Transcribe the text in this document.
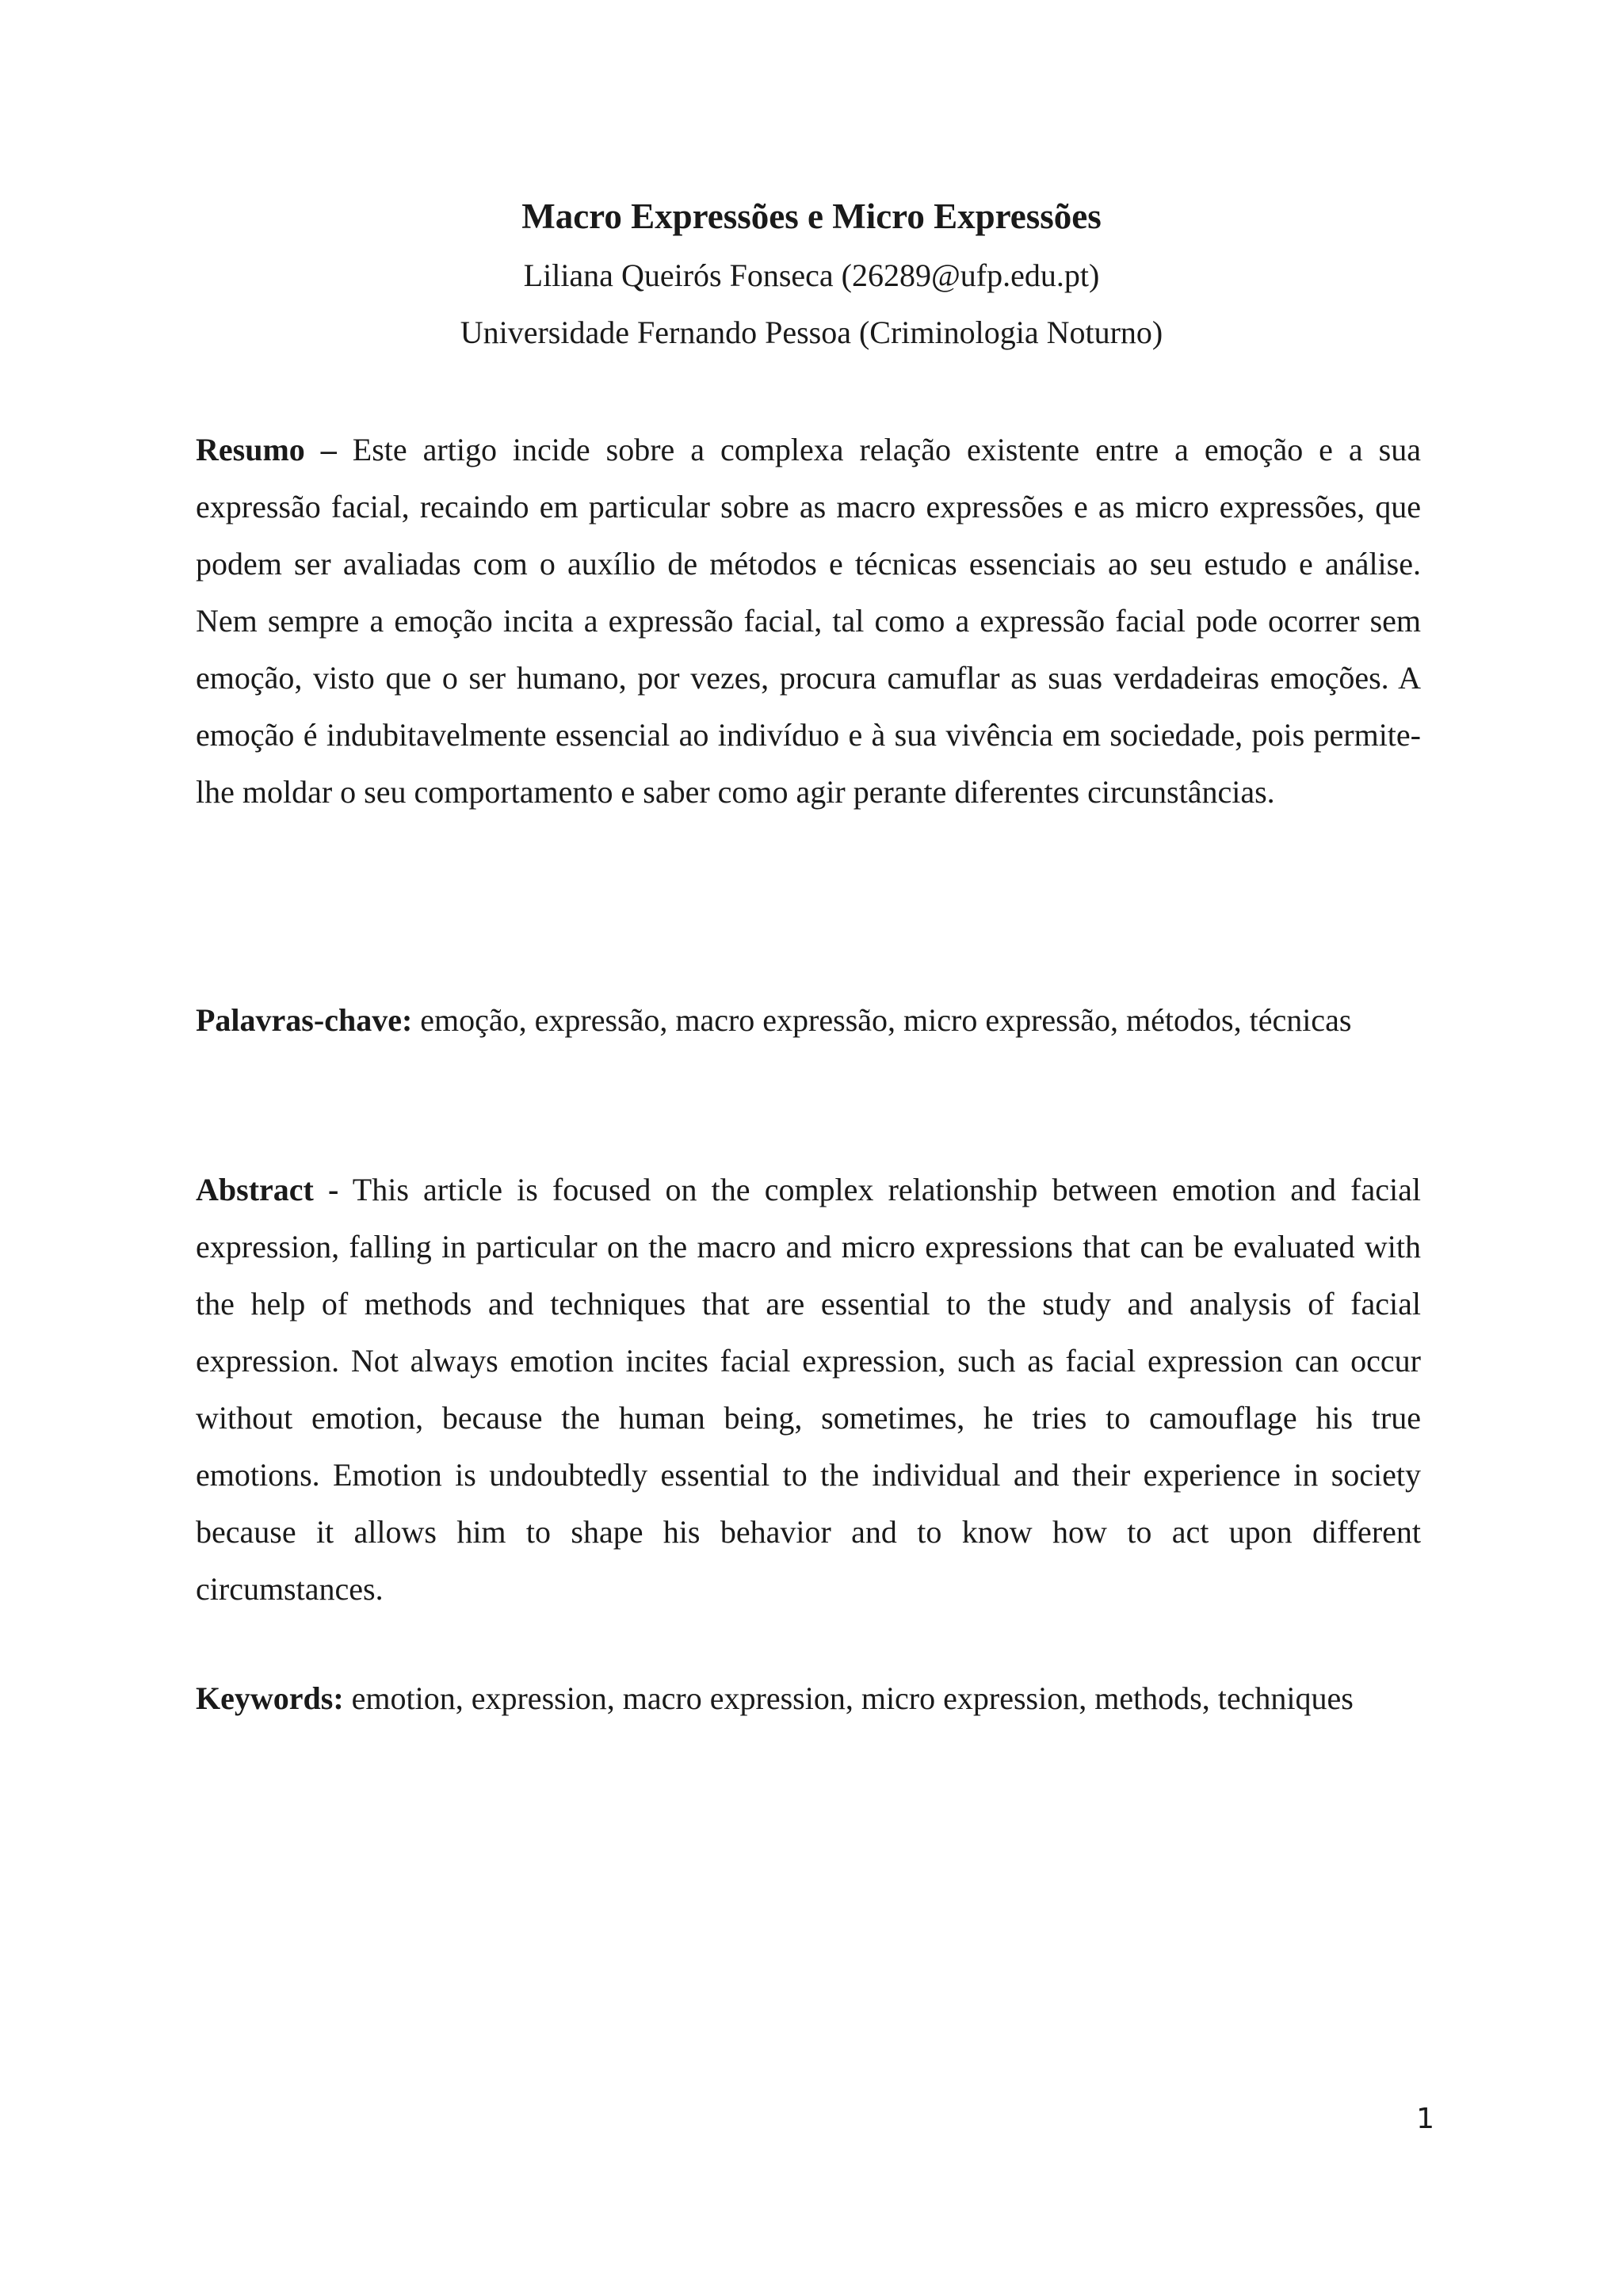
Macro Expressões e Micro Expressões

Liliana Queirós Fonseca (26289@ufp.edu.pt)

Universidade Fernando Pessoa (Criminologia Noturno)

Resumo – Este artigo incide sobre a complexa relação existente entre a emoção e a sua expressão facial, recaindo em particular sobre as macro expressões e as micro expressões, que podem ser avaliadas com o auxílio de métodos e técnicas essenciais ao seu estudo e análise. Nem sempre a emoção incita a expressão facial, tal como a expressão facial pode ocorrer sem emoção, visto que o ser humano, por vezes, procura camuflar as suas verdadeiras emoções. A emoção é indubitavelmente essencial ao indivíduo e à sua vivência em sociedade, pois permite-lhe moldar o seu comportamento e saber como agir perante diferentes circunstâncias.

Palavras-chave: emoção, expressão, macro expressão, micro expressão, métodos, técnicas

Abstract - This article is focused on the complex relationship between emotion and facial expression, falling in particular on the macro and micro expressions that can be evaluated with the help of methods and techniques that are essential to the study and analysis of facial expression. Not always emotion incites facial expression, such as facial expression can occur without emotion, because the human being, sometimes, he tries to camouflage his true emotions. Emotion is undoubtedly essential to the individual and their experience in society because it allows him to shape his behavior and to know how to act upon different circumstances.

Keywords: emotion, expression, macro expression, micro expression, methods, techniques

1
